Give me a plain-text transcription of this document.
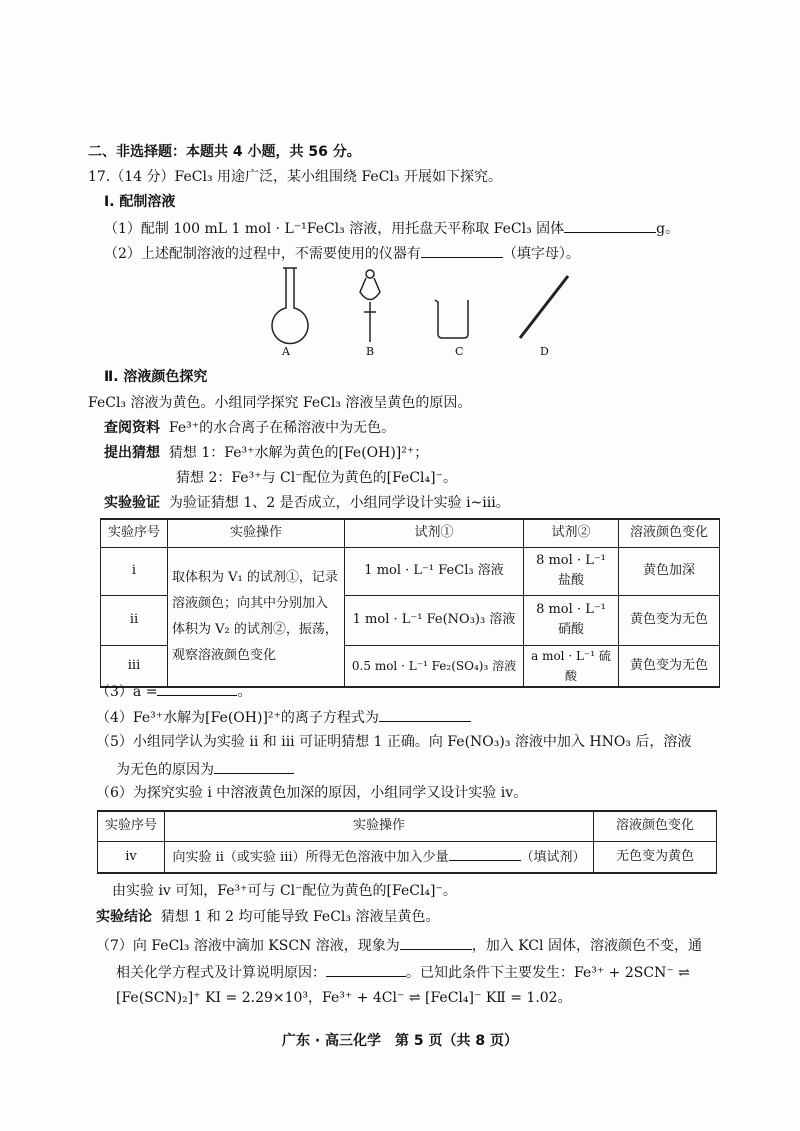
二、非选择题：本题共 4 小题，共 56 分。
17.（14 分）FeCl₃ 用途广泛，某小组围绕 FeCl₃ 开展如下探究。
Ⅰ. 配制溶液
（1）配制 100 mL 1 mol · L⁻¹FeCl₃ 溶液，用托盘天平称取 FeCl₃ 固体	g。
（2）上述配制溶液的过程中，不需要使用的仪器有	（填字母）。
A	B	C	D
Ⅱ. 溶液颜色探究
FeCl₃ 溶液为黄色。小组同学探究 FeCl₃ 溶液呈黄色的原因。
查阅资料 Fe³⁺的水合离子在稀溶液中为无色。
提出猜想 猜想 1：Fe³⁺水解为黄色的[Fe(OH)]²⁺；
猜想 2：Fe³⁺与 Cl⁻配位为黄色的[FeCl₄]⁻。
实验验证 为验证猜想 1、2 是否成立，小组同学设计实验 i~iii。
实验序号	实验操作	试剂①	试剂②	溶液颜色变化
i	取体积为 V₁ 的试剂①，记录溶液颜色；向其中分别加入体积为 V₂ 的试剂②，振荡，观察溶液颜色变化	1 mol · L⁻¹ FeCl₃ 溶液	8 mol · L⁻¹ 盐酸	黄色加深
ii		1 mol · L⁻¹ Fe(NO₃)₃ 溶液	8 mol · L⁻¹ 硝酸	黄色变为无色
iii		0.5 mol · L⁻¹ Fe₂(SO₄)₃ 溶液	a mol · L⁻¹ 硫酸	黄色变为无色
（3）a =	。
（4）Fe³⁺水解为[Fe(OH)]²⁺的离子方程式为
（5）小组同学认为实验 ii 和 iii 可证明猜想 1 正确。向 Fe(NO₃)₃ 溶液中加入 HNO₃ 后，溶液
为无色的原因为
（6）为探究实验 i 中溶液黄色加深的原因，小组同学又设计实验 iv。
实验序号	实验操作	溶液颜色变化
iv	向实验 ii（或实验 iii）所得无色溶液中加入少量 （填试剂）	无色变为黄色
由实验 iv 可知，Fe³⁺可与 Cl⁻配位为黄色的[FeCl₄]⁻。
实验结论 猜想 1 和 2 均可能导致 FeCl₃ 溶液呈黄色。
（7）向 FeCl₃ 溶液中滴加 KSCN 溶液，现象为	，加入 KCl 固体，溶液颜色不变，通
相关化学方程式及计算说明原因：	。已知此条件下主要发生：Fe³⁺ + 2SCN⁻ ⇌
[Fe(SCN)₂]⁺ KⅠ = 2.29×10³，Fe³⁺ + 4Cl⁻ ⇌ [FeCl₄]⁻ KⅡ = 1.02。
广东 · 高三化学　第 5 页（共 8 页）
